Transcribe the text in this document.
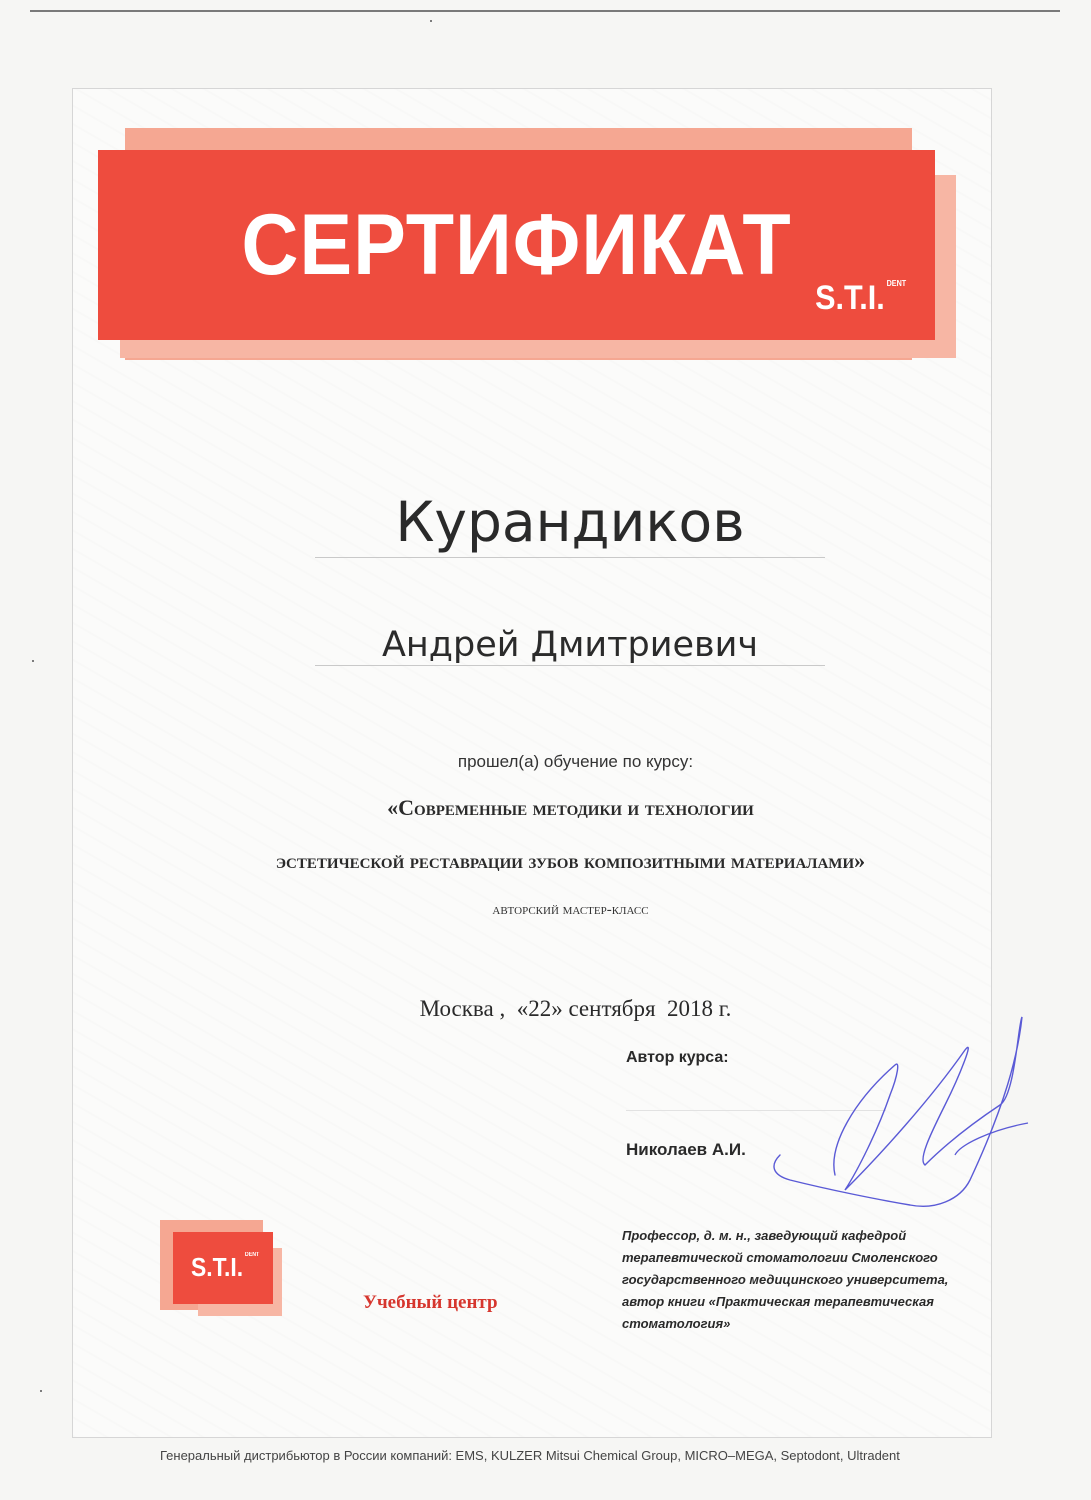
СЕРТИФИКАТ
S.T.I. $^{DENT}$
Курандиков
Андрей Дмитриевич
прошел(а) обучение по курсу:
«Современные методики и технологии
эстетической реставрации зубов композитными материалами»
авторский мастер-класс
Москва ,  «22» сентября  2018 г.
Автор курса:
Николаев А.И.
Профессор, д. м. н., заведующий кафедрой
терапевтической стоматологии Смоленского
государственного медицинского университета,
автор книги «Практическая терапевтическая
стоматология»
S.T.I. $^{DENT}$
Учебный центр
Генеральный дистрибьютор в России компаний: EMS, KULZER Mitsui Chemical Group, MICRO–MEGA, Septodont, Ultradent
